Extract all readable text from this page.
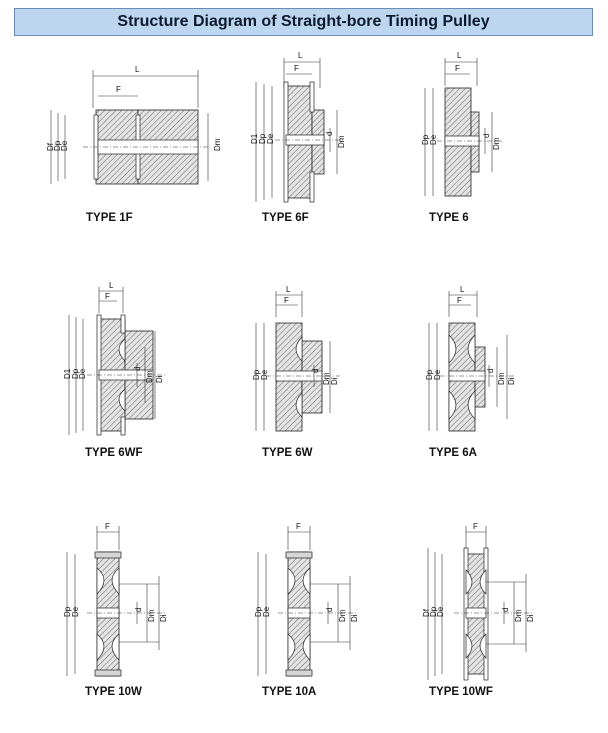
Structure Diagram of Straight-bore Timing Pulley
L
F
Df
Dp
De	Dm
TYPE 1F
L
F
D1 Dp De	d
Dm
TYPE 6F
L
F
Dp De	d
Dm
TYPE 6
L
F
D1 Dp
De	d
Dm Di
TYPE 6WF
L
F
Dp De	d
Dm Di
TYPE 6W
L
F
Dp De	d
Dm Di
TYPE 6A
F
Dp De	d Dm Di
TYPE 10W
F
Dp De	d Dm Di
TYPE 10A
F
Df
Dp
De	d Dm Di
TYPE 10WF
